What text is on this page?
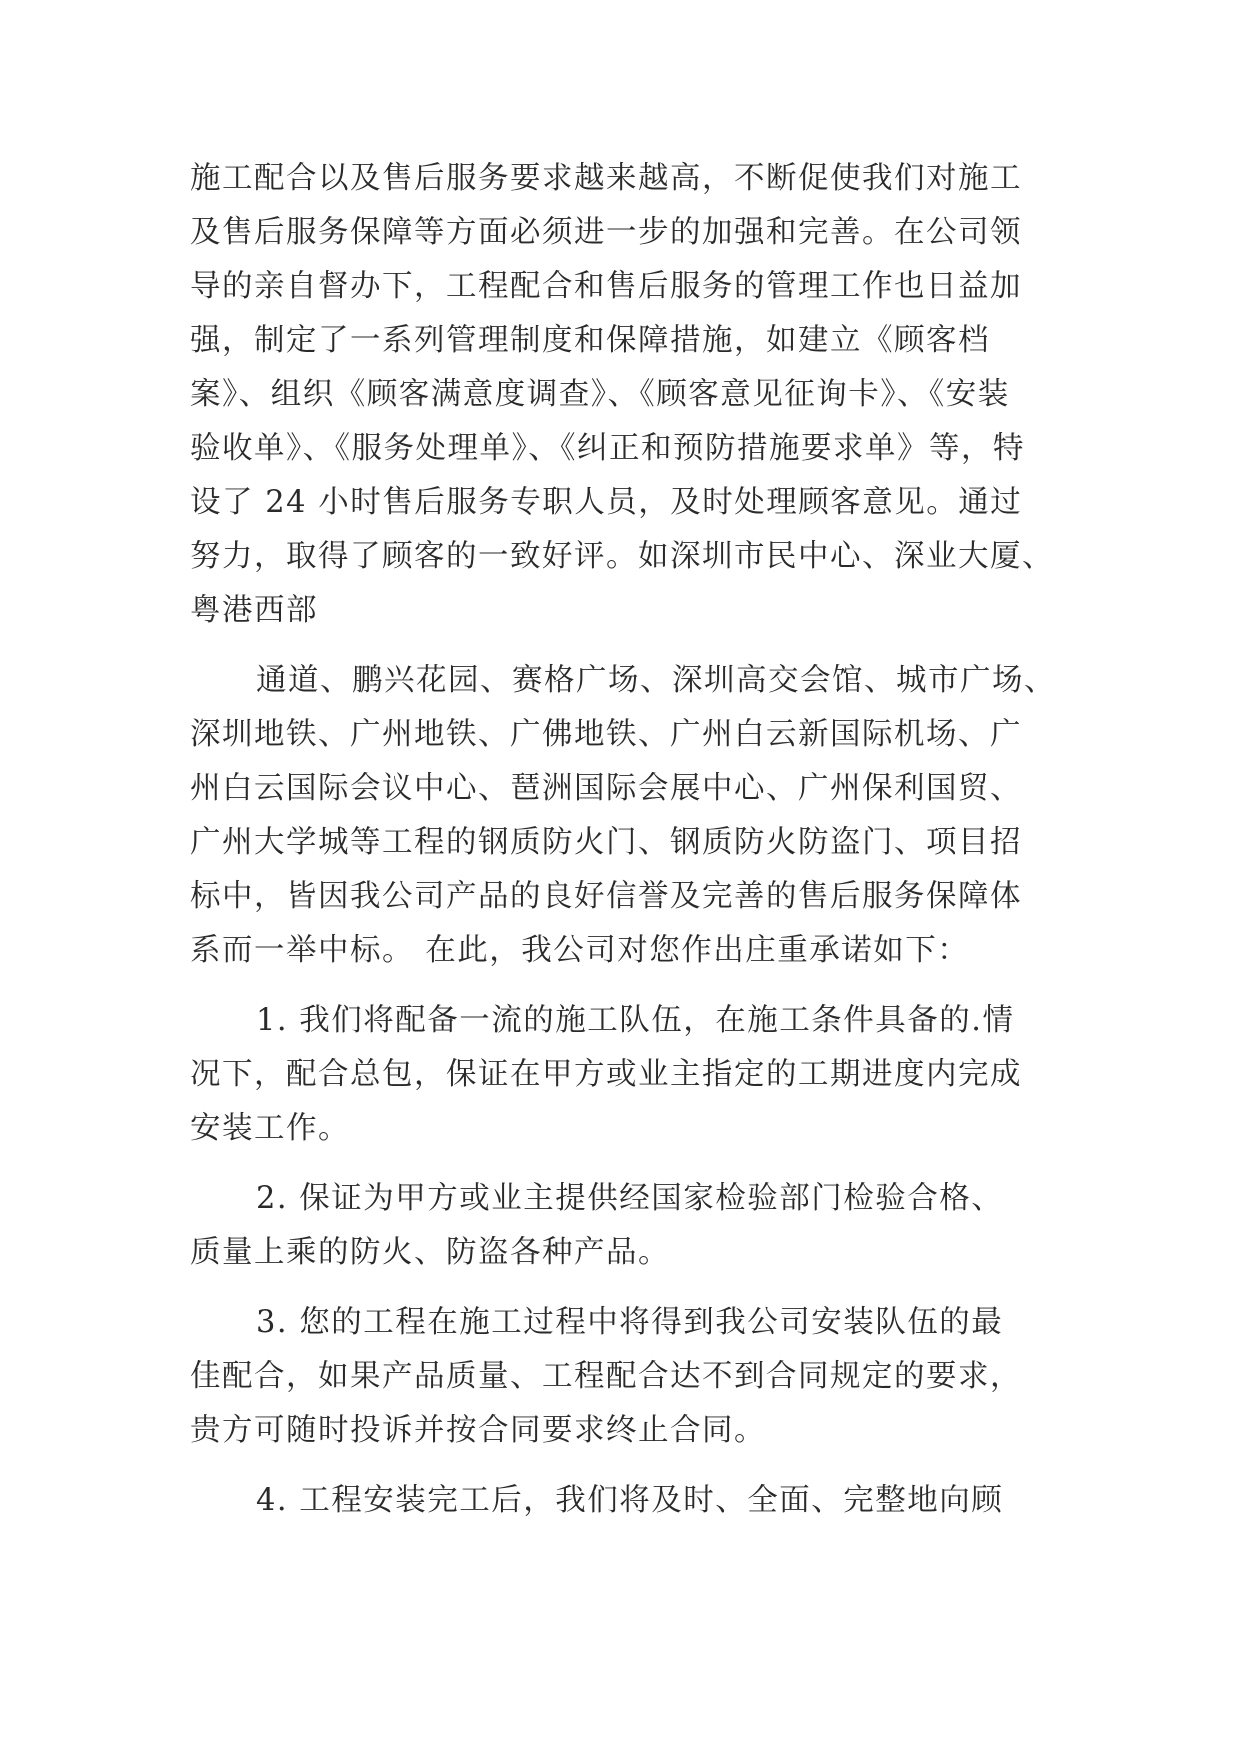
施工配合以及售后服务要求越来越高，不断促使我们对施工
及售后服务保障等方面必须进一步的加强和完善。在公司领
导的亲自督办下，工程配合和售后服务的管理工作也日益加
强，制定了一系列管理制度和保障措施，如建立《顾客档
案》、组织《顾客满意度调查》、《顾客意见征询卡》、《安装
验收单》、《服务处理单》、《纠正和预防措施要求单》等，特
设了 24 小时售后服务专职人员，及时处理顾客意见。通过
努力，取得了顾客的一致好评。如深圳市民中心、深业大厦、
粤港西部
通道、鹏兴花园、赛格广场、深圳高交会馆、城市广场、
深圳地铁、广州地铁、广佛地铁、广州白云新国际机场、广
州白云国际会议中心、琶洲国际会展中心、广州保利国贸、
广州大学城等工程的钢质防火门、钢质防火防盗门、项目招
标中，皆因我公司产品的良好信誉及完善的售后服务保障体
系而一举中标。 在此，我公司对您作出庄重承诺如下：
1. 我们将配备一流的施工队伍，在施工条件具备的.情
况下，配合总包，保证在甲方或业主指定的工期进度内完成
安装工作。
2. 保证为甲方或业主提供经国家检验部门检验合格、
质量上乘的防火、防盗各种产品。
3. 您的工程在施工过程中将得到我公司安装队伍的最
佳配合，如果产品质量、工程配合达不到合同规定的要求，
贵方可随时投诉并按合同要求终止合同。
4. 工程安装完工后，我们将及时、全面、完整地向顾
